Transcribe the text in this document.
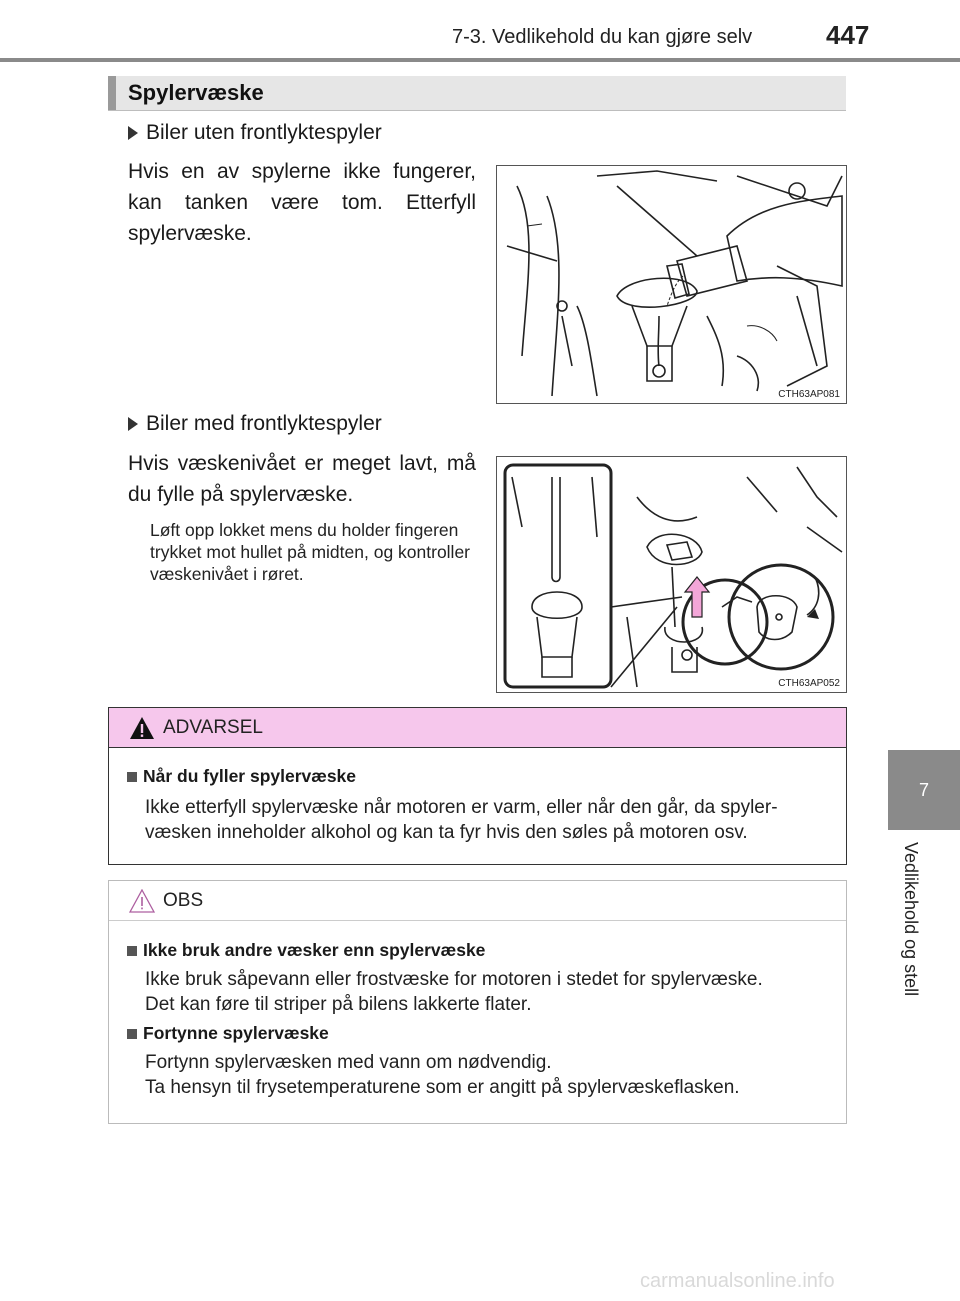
7-3. Vedlikehold du kan gjøre selv	447
Spylervæske
Biler uten frontlyktespyler
Hvis en av spylerne ikke fungerer, kan tanken være tom. Etterfyll spylervæske.
CTH63AP081
Biler med frontlyktespyler
Hvis væskenivået er meget lavt, må du fylle på spylervæske.
Løft opp lokket mens du holder fingeren trykket mot hullet på midten, og kontroller væskenivået i røret.
CTH63AP052
ADVARSEL
Når du fyller spylervæske
Ikke etterfyll spylervæske når motoren er varm, eller når den går, da spyler-
væsken inneholder alkohol og kan ta fyr hvis den søles på motoren osv.
OBS
Ikke bruk andre væsker enn spylervæske
Ikke bruk såpevann eller frostvæske for motoren i stedet for spylervæske.
Det kan føre til striper på bilens lakkerte flater.
Fortynne spylervæske
Fortynn spylervæsken med vann om nødvendig.
Ta hensyn til frysetemperaturene som er angitt på spylervæskeflasken.
7
Vedlikehold og stell
carmanualsonline.info
